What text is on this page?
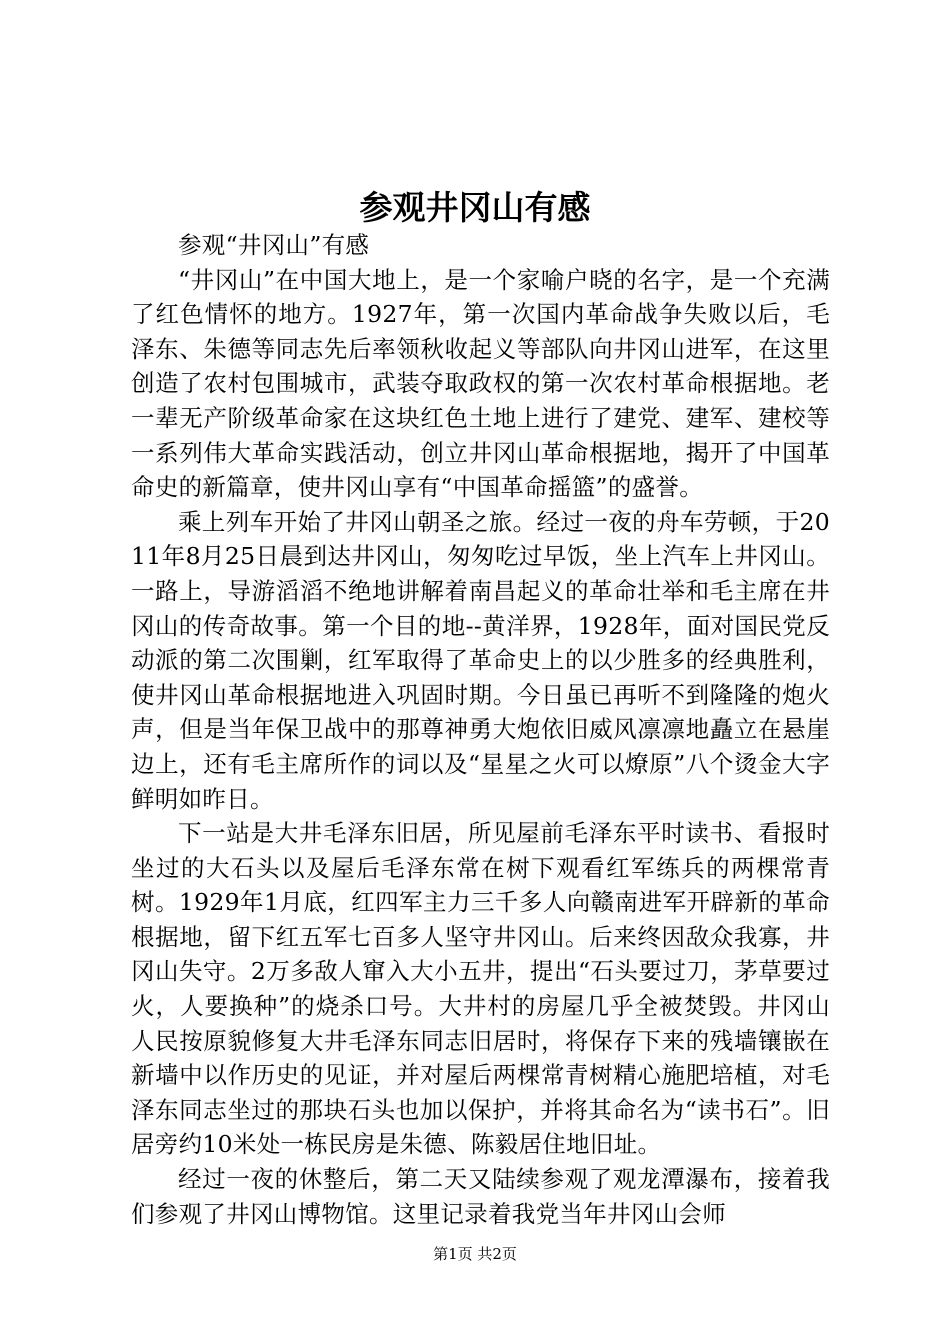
参观井冈山有感

参观“井冈山”有感

“井冈山”在中国大地上，是一个家喻户晓的名字，是一个充满了红色情怀的地方。1927年，第一次国内革命战争失败以后，毛泽东、朱德等同志先后率领秋收起义等部队向井冈山进军，在这里创造了农村包围城市，武装夺取政权的第一次农村革命根据地。老一辈无产阶级革命家在这块红色土地上进行了建党、建军、建校等一系列伟大革命实践活动，创立井冈山革命根据地，揭开了中国革命史的新篇章，使井冈山享有“中国革命摇篮”的盛誉。

乘上列车开始了井冈山朝圣之旅。经过一夜的舟车劳顿，于2011年8月25日晨到达井冈山，匆匆吃过早饭，坐上汽车上井冈山。一路上，导游滔滔不绝地讲解着南昌起义的革命壮举和毛主席在井冈山的传奇故事。第一个目的地--黄洋界，1928年，面对国民党反动派的第二次围剿，红军取得了革命史上的以少胜多的经典胜利，使井冈山革命根据地进入巩固时期。今日虽已再听不到隆隆的炮火声，但是当年保卫战中的那尊神勇大炮依旧威风凛凛地矗立在悬崖边上，还有毛主席所作的词以及“星星之火可以燎原”八个烫金大字鲜明如昨日。

下一站是大井毛泽东旧居，所见屋前毛泽东平时读书、看报时坐过的大石头以及屋后毛泽东常在树下观看红军练兵的两棵常青树。1929年1月底，红四军主力三千多人向赣南进军开辟新的革命根据地，留下红五军七百多人坚守井冈山。后来终因敌众我寡，井冈山失守。2万多敌人窜入大小五井，提出“石头要过刀，茅草要过火，人要换种”的烧杀口号。大井村的房屋几乎全被焚毁。井冈山人民按原貌修复大井毛泽东同志旧居时，将保存下来的残墙镶嵌在新墙中以作历史的见证，并对屋后两棵常青树精心施肥培植，对毛泽东同志坐过的那块石头也加以保护，并将其命名为“读书石”。旧居旁约10米处一栋民房是朱德、陈毅居住地旧址。

经过一夜的休整后，第二天又陆续参观了观龙潭瀑布，接着我们参观了井冈山博物馆。这里记录着我党当年井冈山会师

第1页 共2页
